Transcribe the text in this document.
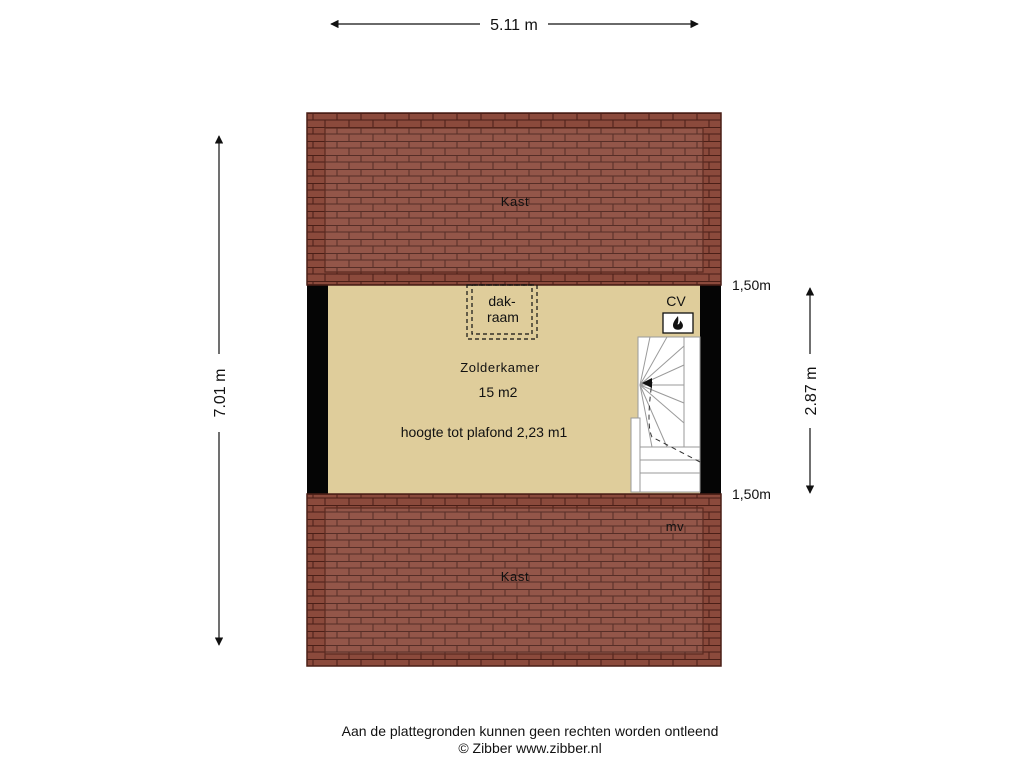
Kast
Kast
mv
Zolderkamer
15 m2
hoogte tot plafond 2,23 m1
dak-
raam
CV
5.11 m
7.01 m	2.87 m
1,50m
1,50m
Aan de plattegronden kunnen geen rechten worden ontleend
© Zibber www.zibber.nl
